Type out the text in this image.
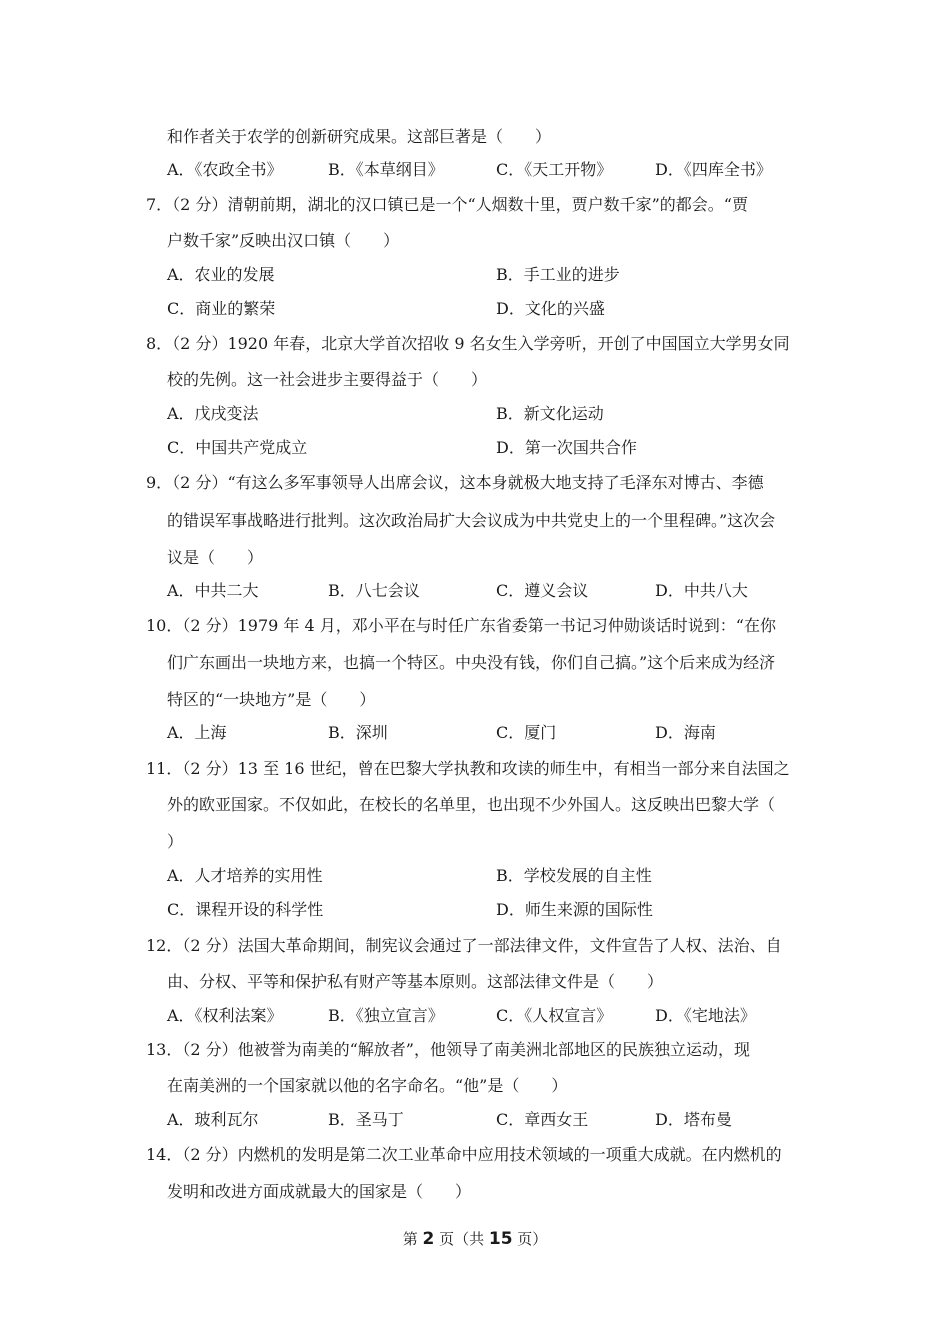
和作者关于农学的创新研究成果。这部巨著是（　　）
A．《农政全书》	B．《本草纲目》	C．《天工开物》	D．《四库全书》
7．（2 分）清朝前期，湖北的汉口镇已是一个“人烟数十里，贾户数千家”的都会。“贾
户数千家”反映出汉口镇（　　）
A．农业的发展	B．手工业的进步
C．商业的繁荣	D．文化的兴盛
8．（2 分）1920 年春，北京大学首次招收 9 名女生入学旁听，开创了中国国立大学男女同
校的先例。这一社会进步主要得益于（　　）
A．戊戌变法	B．新文化运动
C．中国共产党成立	D．第一次国共合作
9．（2 分）“有这么多军事领导人出席会议，这本身就极大地支持了毛泽东对博古、李德
的错误军事战略进行批判。这次政治局扩大会议成为中共党史上的一个里程碑。”这次会
议是（　　）
A．中共二大	B．八七会议	C．遵义会议	D．中共八大
10．（2 分）1979 年 4 月，邓小平在与时任广东省委第一书记习仲勋谈话时说到：“在你
们广东画出一块地方来，也搞一个特区。中央没有钱，你们自己搞。”这个后来成为经济
特区的“一块地方”是（　　）
A．上海	B．深圳	C．厦门	D．海南
11．（2 分）13 至 16 世纪，曾在巴黎大学执教和攻读的师生中，有相当一部分来自法国之
外的欧亚国家。不仅如此，在校长的名单里，也出现不少外国人。这反映出巴黎大学（
）
A．人才培养的实用性	B．学校发展的自主性
C．课程开设的科学性	D．师生来源的国际性
12．（2 分）法国大革命期间，制宪议会通过了一部法律文件，文件宣告了人权、法治、自
由、分权、平等和保护私有财产等基本原则。这部法律文件是（　　）
A．《权利法案》	B．《独立宣言》	C．《人权宣言》	D．《宅地法》
13．（2 分）他被誉为南美的“解放者”，他领导了南美洲北部地区的民族独立运动，现
在南美洲的一个国家就以他的名字命名。“他”是（　　）
A．玻利瓦尔	B．圣马丁	C．章西女王	D．塔布曼
14．（2 分）内燃机的发明是第二次工业革命中应用技术领域的一项重大成就。在内燃机的
发明和改进方面成就最大的国家是（　　）
第 2 页（共 15 页）
